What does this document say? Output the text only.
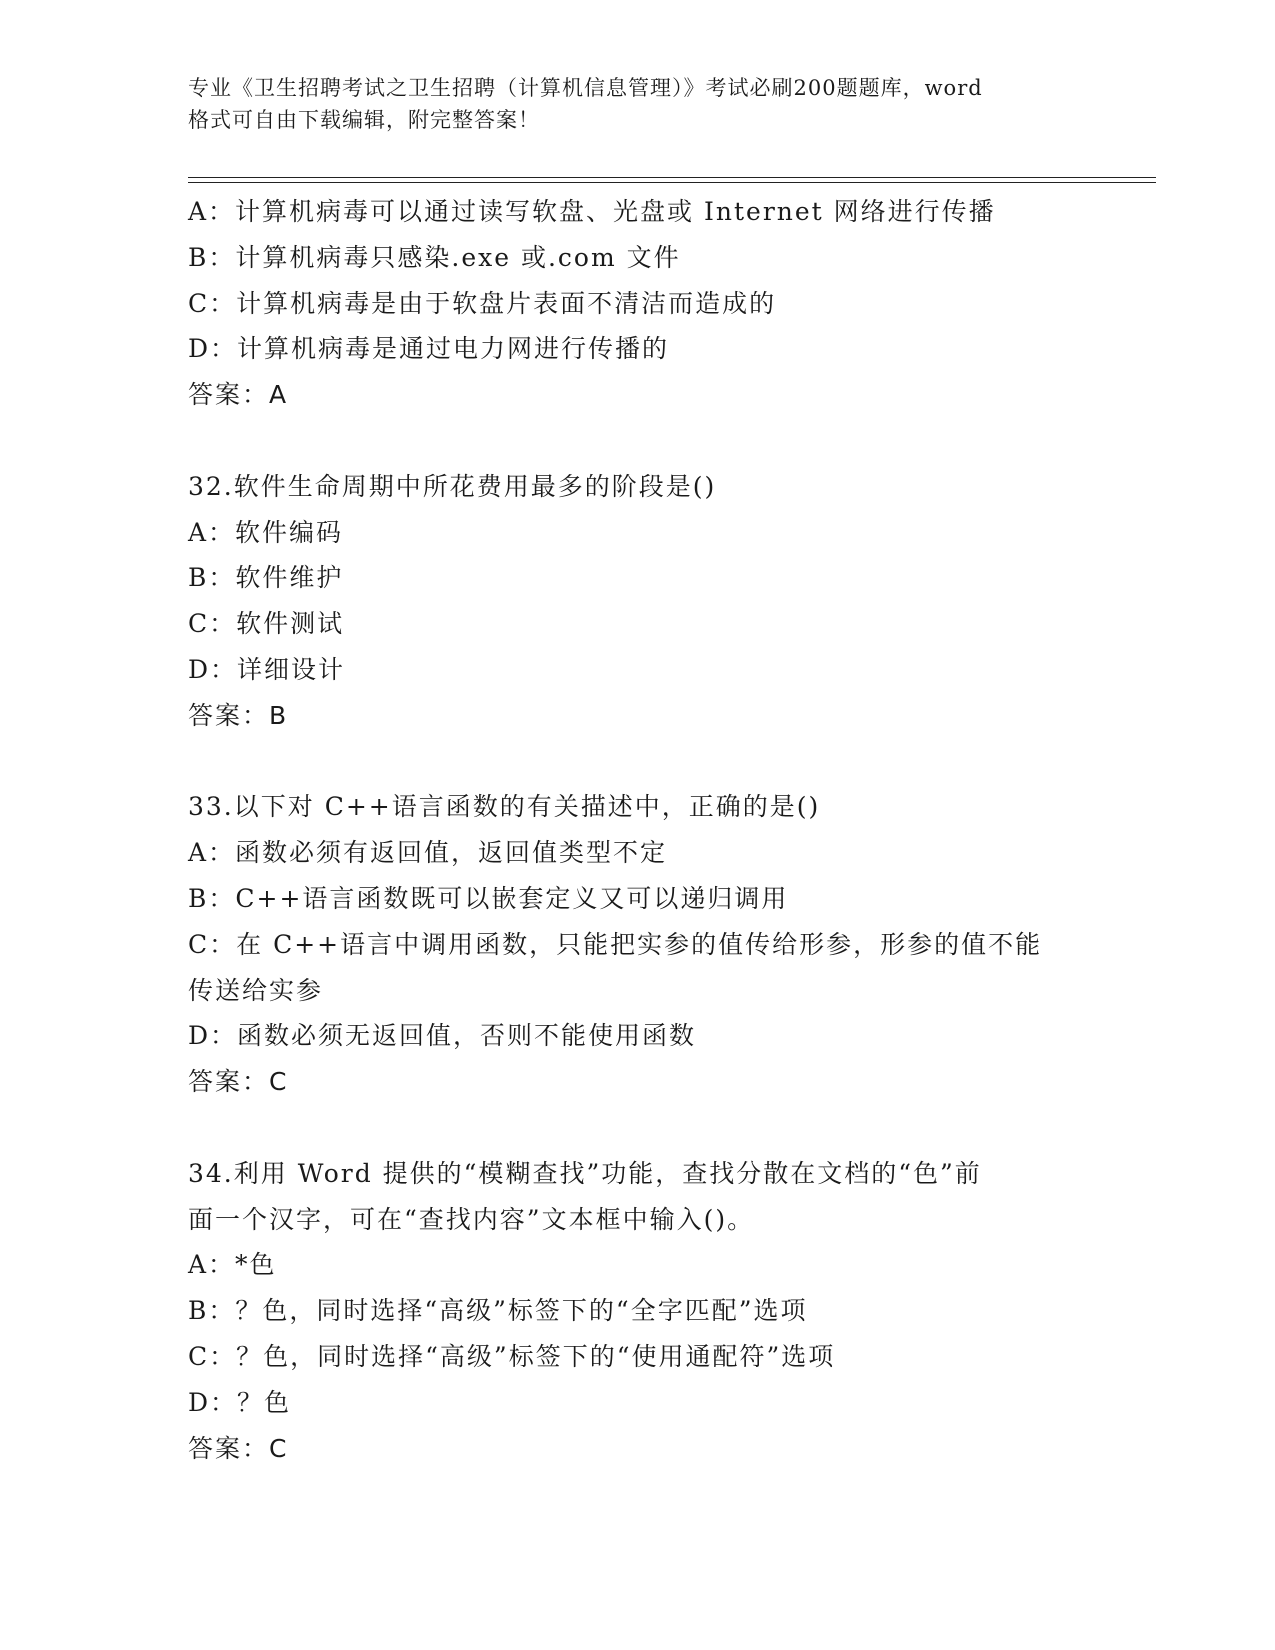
专业《卫生招聘考试之卫生招聘（计算机信息管理）》考试必刷200题题库，word
格式可自由下载编辑，附完整答案！
A：计算机病毒可以通过读写软盘、光盘或 Internet 网络进行传播
B：计算机病毒只感染.exe 或.com 文件
C：计算机病毒是由于软盘片表面不清洁而造成的
D：计算机病毒是通过电力网进行传播的
答案：A
32.软件生命周期中所花费用最多的阶段是()
A：软件编码
B：软件维护
C：软件测试
D：详细设计
答案：B
33.以下对 C++语言函数的有关描述中，正确的是()
A：函数必须有返回值，返回值类型不定
B：C++语言函数既可以嵌套定义又可以递归调用
C：在 C++语言中调用函数，只能把实参的值传给形参，形参的值不能
传送给实参
D：函数必须无返回值，否则不能使用函数
答案：C
34.利用 Word 提供的“模糊查找”功能，查找分散在文档的“色”前
面一个汉字，可在“查找内容”文本框中输入()。
A：*色
B：？色，同时选择“高级”标签下的“全字匹配”选项
C：？色，同时选择“高级”标签下的“使用通配符”选项
D：？色
答案：C
